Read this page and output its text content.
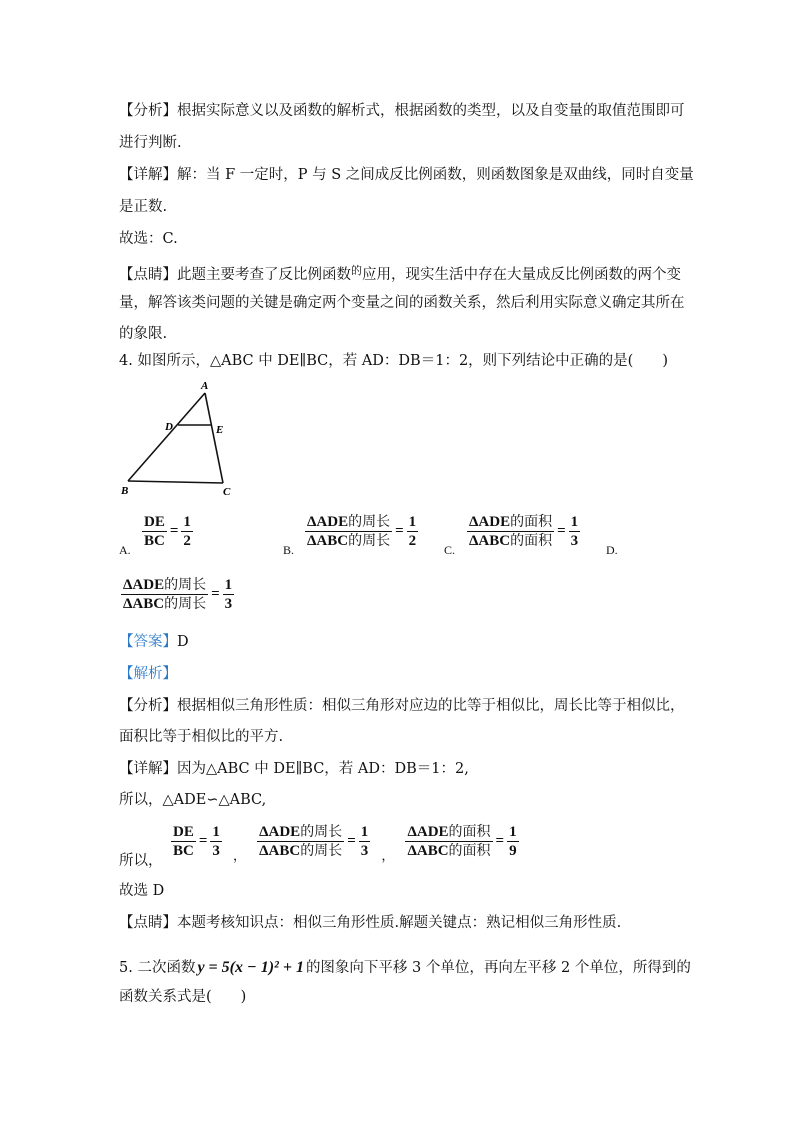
【分析】根据实际意义以及函数的解析式，根据函数的类型，以及自变量的取值范围即可
进行判断.
【详解】解：当 F 一定时，P 与 S 之间成反比例函数，则函数图象是双曲线，同时自变量
是正数.
故选：C.
【点睛】此题主要考查了反比例函数$^的$应用，现实生活中存在大量成反比例函数的两个变
量，解答该类问题的关键是确定两个变量之间的函数关系，然后利用实际意义确定其所在
的象限.
4. 如图所示，△ABC 中 DE∥BC，若 AD：DB＝1：2，则下列结论中正确的是(　　)
A
D	E
B	C
A. $\frac{DE}{BC} = \frac{1}{2}$	B. $\frac{\text{ΔADE的周长}}{\text{ΔABC的周长}} = \frac{1}{2} C$. $\frac{\text{ΔADE的面积}}{\text{ΔABC的面积}} = \frac{1}{3} D$.
$\frac{\text{ΔADE的周长}}{\text{ΔABC的周长}} = \frac{1}{3}$
【答案】D
【解析】
【分析】根据相似三角形性质：相似三角形对应边的比等于相似比，周长比等于相似比，
面积比等于相似比的平方.
【详解】因为△ABC 中 DE∥BC，若 AD：DB＝1：2,
所以，△ADE∽△ABC,
所以，
$\frac{DE}{BC} = \frac{1}{3} _, \frac{\text{ΔADE的周长}}{\text{ΔABC的周长}} = \frac{1}{3} _, \frac{\text{ΔADE的面积}}{\text{ΔABC的面积}} = \frac{1}{9}$
故选 D
【点睛】本题考核知识点：相似三角形性质.解题关键点：熟记相似三角形性质.
5. 二次函数 y = 5(x − 1)² + 1 的图象向下平移 3 个单位，再向左平移 2 个单位，所得到的
函数关系式是(　　)
